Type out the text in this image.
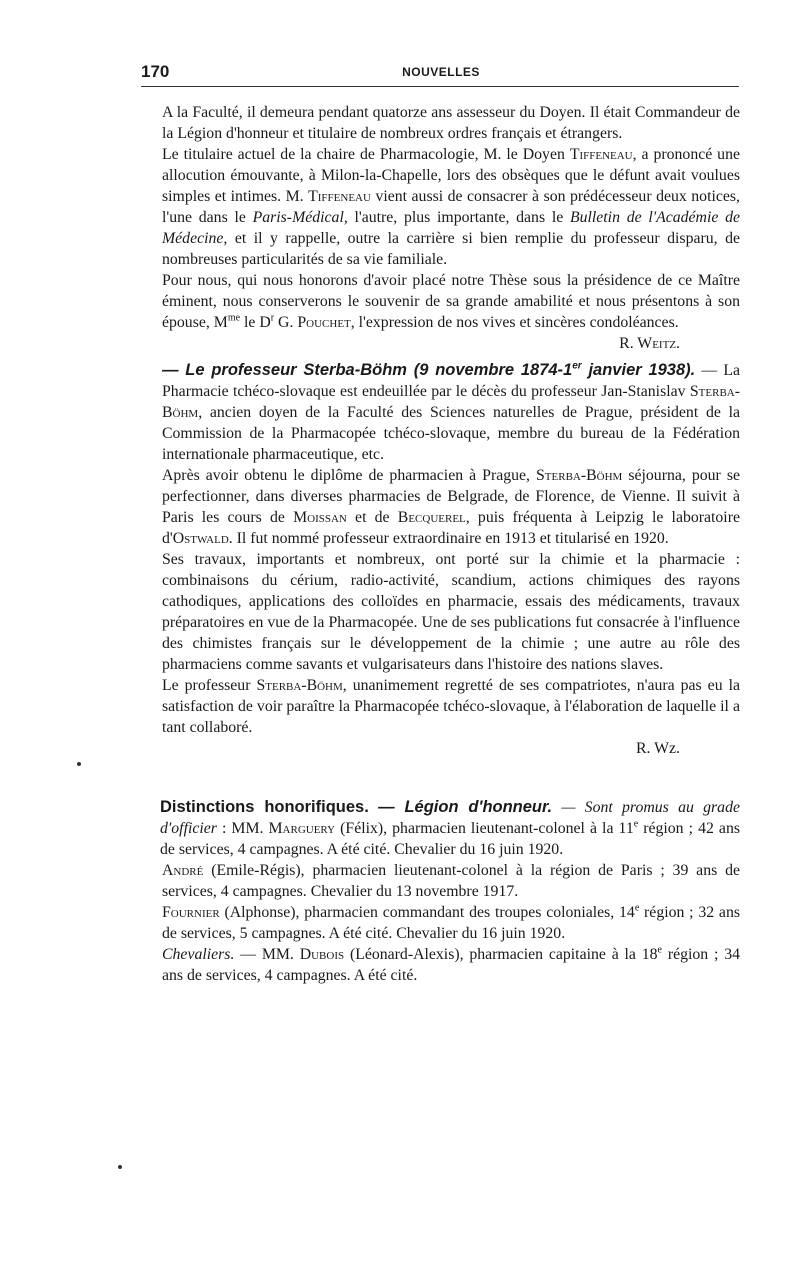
170	NOUVELLES

A la Faculté, il demeura pendant quatorze ans assesseur du Doyen. Il était Commandeur de la Légion d'honneur et titulaire de nombreux ordres français et étrangers.

Le titulaire actuel de la chaire de Pharmacologie, M. le Doyen Tiffeneau, a prononcé une allocution émouvante, à Milon-la-Chapelle, lors des obsèques que le défunt avait voulues simples et intimes. M. Tiffeneau vient aussi de consacrer à son prédécesseur deux notices, l'une dans le Paris-Médical, l'autre, plus importante, dans le Bulletin de l'Académie de Médecine, et il y rappelle, outre la carrière si bien remplie du professeur disparu, de nombreuses particularités de sa vie familiale.

Pour nous, qui nous honorons d'avoir placé notre Thèse sous la présidence de ce Maître éminent, nous conserverons le souvenir de sa grande amabilité et nous présentons à son épouse, $M^{me}$ le $D^r$ G. Pouchet, l'expression de nos vives et sincères condoléances.
R. Weitz.

— Le professeur Sterba-Böhm (9 novembre 1874-1er janvier 1938). — La Pharmacie tchéco-slovaque est endeuillée par le décès du professeur Jan-Stanislav Sterba-Böhm, ancien doyen de la Faculté des Sciences naturelles de Prague, président de la Commission de la Pharmacopée tchéco-slovaque, membre du bureau de la Fédération internationale pharmaceutique, etc.

Après avoir obtenu le diplôme de pharmacien à Prague, Sterba-Böhm séjourna, pour se perfectionner, dans diverses pharmacies de Belgrade, de Florence, de Vienne. Il suivit à Paris les cours de Moissan et de Becquerel, puis fréquenta à Leipzig le laboratoire d'Ostwald. Il fut nommé professeur extraordinaire en 1913 et titularisé en 1920.

Ses travaux, importants et nombreux, ont porté sur la chimie et la pharmacie : combinaisons du cérium, radio-activité, scandium, actions chimiques des rayons cathodiques, applications des colloïdes en pharmacie, essais des médicaments, travaux préparatoires en vue de la Pharmacopée. Une de ses publications fut consacrée à l'influence des chimistes français sur le développement de la chimie ; une autre au rôle des pharmaciens comme savants et vulgarisateurs dans l'histoire des nations slaves.

Le professeur Sterba-Böhm, unanimement regretté de ses compatriotes, n'aura pas eu la satisfaction de voir paraître la Pharmacopée tchéco-slovaque, à l'élaboration de laquelle il a tant collaboré.

R. Wz.

Distinctions honorifiques. — Légion d'honneur. — Sont promus au grade d'officier : MM. Marguery (Félix), pharmacien lieutenant-colonel à la 11e région ; 42 ans de services, 4 campagnes. A été cité. Chevalier du 16 juin 1920.

André (Emile-Régis), pharmacien lieutenant-colonel à la région de Paris ; 39 ans de services, 4 campagnes. Chevalier du 13 novembre 1917.

Fournier (Alphonse), pharmacien commandant des troupes coloniales, 14e région ; 32 ans de services, 5 campagnes. A été cité. Chevalier du 16 juin 1920.

Chevaliers. — MM. Dubois (Léonard-Alexis), pharmacien capitaine à la 18e région ; 34 ans de services, 4 campagnes. A été cité.
